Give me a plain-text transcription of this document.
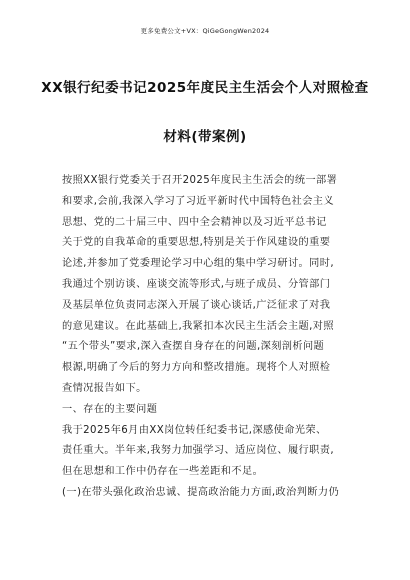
更多免费公文+VX：QiGeGongWen2024
XX银行纪委书记2025年度民主生活会个人对照检查
材料(带案例)
按照XX银行党委关于召开2025年度民主生活会的统一部署
和要求,会前,我深入学习了习近平新时代中国特色社会主义
思想、党的二十届三中、四中全会精神以及习近平总书记
关于党的自我革命的重要思想,特别是关于作风建设的重要
论述,并参加了党委理论学习中心组的集中学习研讨。同时,
我通过个别访谈、座谈交流等形式,与班子成员、分管部门
及基层单位负责同志深入开展了谈心谈话,广泛征求了对我
的意见建议。在此基础上,我紧扣本次民主生活会主题,对照
“五个带头”要求,深入查摆自身存在的问题,深刻剖析问题
根源,明确了今后的努力方向和整改措施。现将个人对照检
查情况报告如下。
一、存在的主要问题
我于2025年6月由XX岗位转任纪委书记,深感使命光荣、
责任重大。半年来,我努力加强学习、适应岗位、履行职责,
但在思想和工作中仍存在一些差距和不足。
(一)在带头强化政治忠诚、提高政治能力方面,政治判断力仍
